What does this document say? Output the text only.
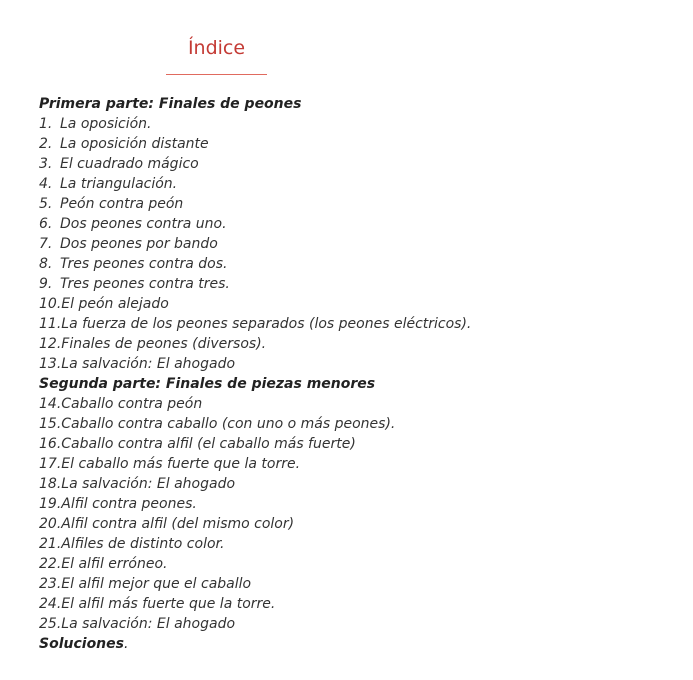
Índice
Primera parte: Finales de peones
1. La oposición.
2. La oposición distante
3. El cuadrado mágico
4. La triangulación.
5. Peón contra peón
6. Dos peones contra uno.
7. Dos peones por bando
8. Tres peones contra dos.
9. Tres peones contra tres.
10.El peón alejado
11.La fuerza de los peones separados (los peones eléctricos).
12.Finales de peones (diversos).
13.La salvación: El ahogado
Segunda parte: Finales de piezas menores
14.Caballo contra peón
15.Caballo contra caballo (con uno o más peones).
16.Caballo contra alfil (el caballo más fuerte)
17.El caballo más fuerte que la torre.
18.La salvación: El ahogado
19.Alfil contra peones.
20.Alfil contra alfil (del mismo color)
21.Alfiles de distinto color.
22.El alfil erróneo.
23.El alfil mejor que el caballo
24.El alfil más fuerte que la torre.
25.La salvación: El ahogado
Soluciones.
